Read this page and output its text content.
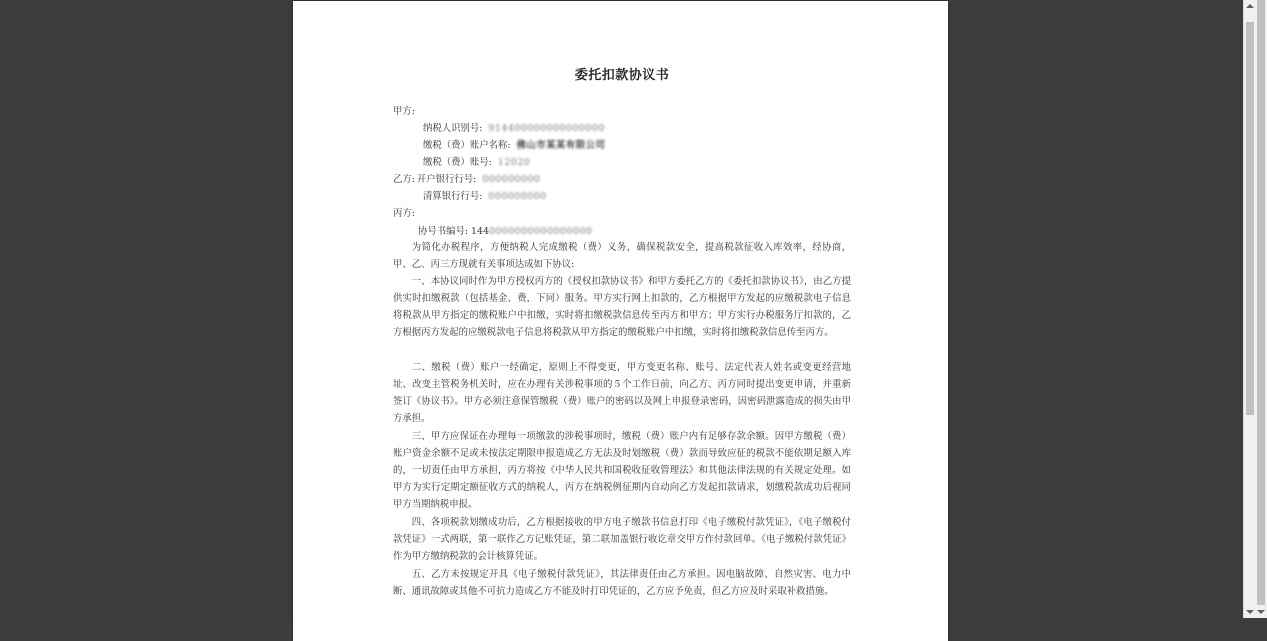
委托扣款协议书
甲方:
纳税人识别号: 914400000000000000
缴税（费）账户名称: 佛山市某某有限公司
缴税（费）账号: 12020
乙方: 开户银行行号: 000000000
清算银行行号: 000000000
丙方:
协号书编号: 1440000000000000000
为简化办税程序，方便纳税人完成缴税（费）义务，确保税款安全，提高税款征收入库效率，经协商，甲、乙、丙三方现就有关事项达成如下协议:
一、本协议同时作为甲方授权丙方的《授权扣款协议书》和甲方委托乙方的《委托扣款协议书》，由乙方提供实时扣缴税款（包括基金、费，下同）服务。甲方实行网上扣款的，乙方根据甲方发起的应缴税款电子信息将税款从甲方指定的缴税账户中扣缴，实时将扣缴税款信息传至丙方和甲方；甲方实行办税服务厅扣款的，乙方根据丙方发起的应缴税款电子信息将税款从甲方指定的缴税账户中扣缴，实时将扣缴税款信息传至丙方。
二、缴税（费）账户一经确定，原则上不得变更，甲方变更名称、账号、法定代表人姓名或变更经营地址、改变主管税务机关时，应在办理有关涉税事项的５个工作日前，向乙方、丙方同时提出变更申请，并重新签订《协议书》。甲方必须注意保管缴税（费）账户的密码以及网上申报登录密码，因密码泄露造成的损失由甲方承担。
三、甲方应保证在办理每一项缴款的涉税事项时，缴税（费）账户内有足够存款余额。因甲方缴税（费）账户资金余额不足或未按法定期限申报造成乙方无法及时划缴税（费）款而导致应征的税款不能依期足额入库的，一切责任由甲方承担，丙方将按《中华人民共和国税收征收管理法》和其他法律法规的有关规定处理。如甲方为实行定期定额征收方式的纳税人，丙方在纳税例征期内自动向乙方发起扣款请求，划缴税款成功后视同甲方当期纳税申报。
四、各项税款划缴成功后，乙方根据接收的甲方电子缴款书信息打印《电子缴税付款凭证》，《电子缴税付款凭证》一式两联，第一联作乙方记账凭证，第二联加盖银行收讫章交甲方作付款回单。《电子缴税付款凭证》作为甲方缴纳税款的会计核算凭证。
五、乙方未按规定开具《电子缴税付款凭证》，其法律责任由乙方承担。因电脑故障、自然灾害、电力中断、通讯故障或其他不可抗力造成乙方不能及时打印凭证的，乙方应予免责，但乙方应及时采取补救措施。
